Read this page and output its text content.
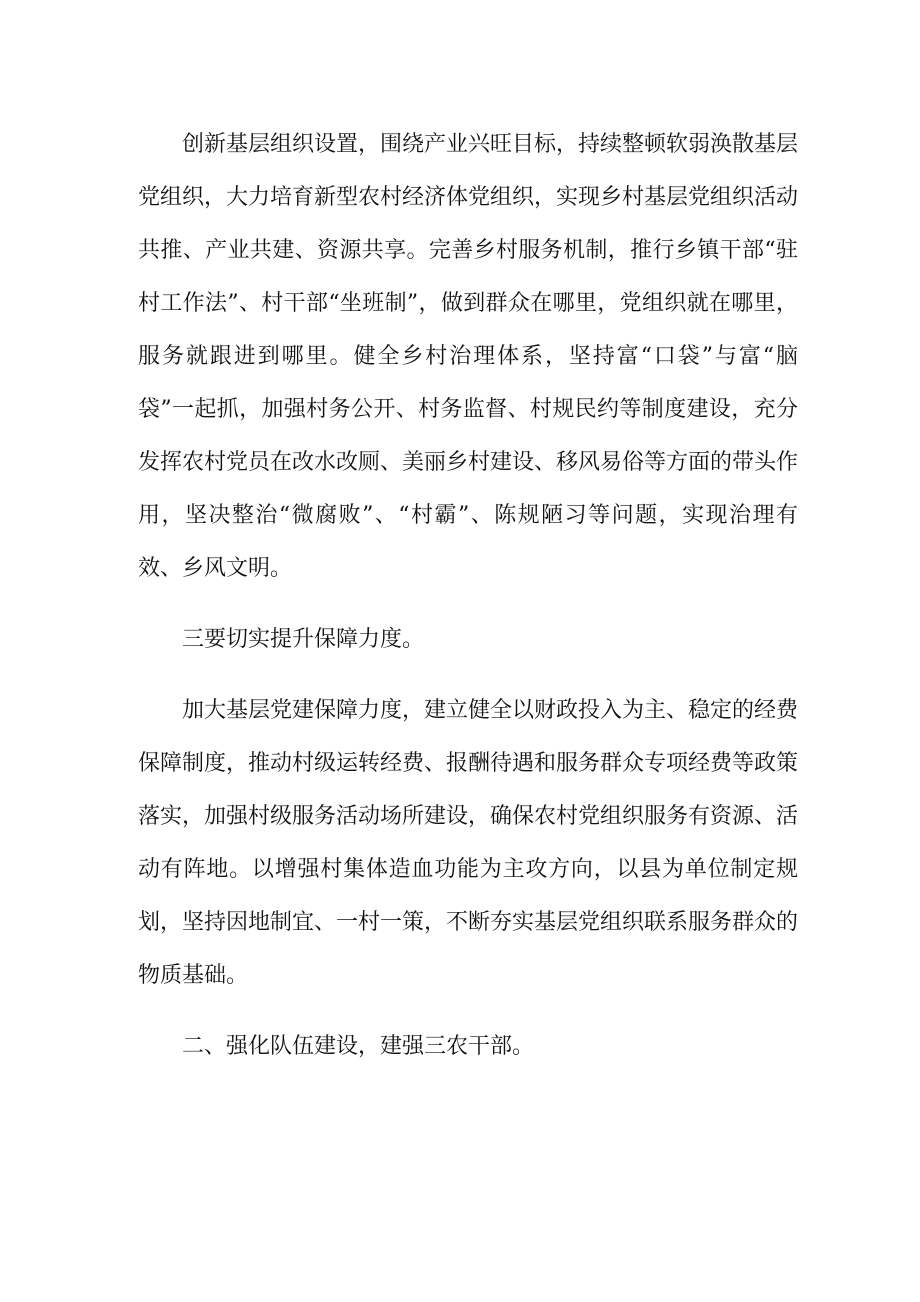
创新基层组织设置，围绕产业兴旺目标，持续整顿软弱涣散基层党组织，大力培育新型农村经济体党组织，实现乡村基层党组织活动共推、产业共建、资源共享。完善乡村服务机制，推行乡镇干部“驻村工作法”、村干部“坐班制”，做到群众在哪里，党组织就在哪里，服务就跟进到哪里。健全乡村治理体系，坚持富“口袋”与富“脑袋”一起抓，加强村务公开、村务监督、村规民约等制度建设，充分发挥农村党员在改水改厕、美丽乡村建设、移风易俗等方面的带头作用，坚决整治“微腐败”、“村霸”、陈规陋习等问题，实现治理有效、乡风文明。

三要切实提升保障力度。

加大基层党建保障力度，建立健全以财政投入为主、稳定的经费保障制度，推动村级运转经费、报酬待遇和服务群众专项经费等政策落实，加强村级服务活动场所建设，确保农村党组织服务有资源、活动有阵地。以增强村集体造血功能为主攻方向，以县为单位制定规划，坚持因地制宜、一村一策，不断夯实基层党组织联系服务群众的物质基础。

二、强化队伍建设，建强三农干部。
